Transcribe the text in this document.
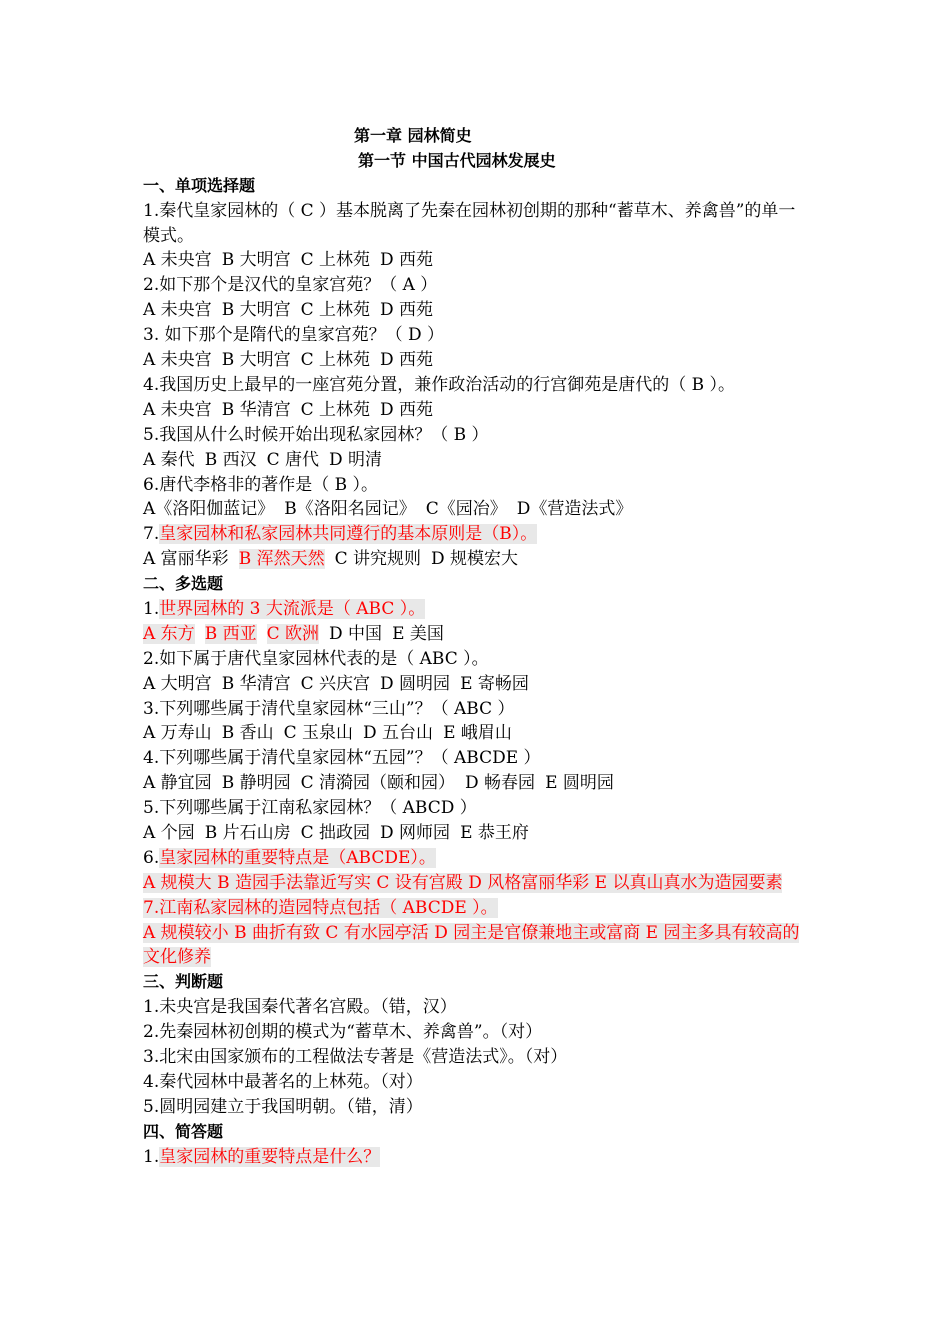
第一章 园林简史
第一节 中国古代园林发展史
一、单项选择题
1.秦代皇家园林的（ C ）基本脱离了先秦在园林初创期的那种“蓄草木、养禽兽”的单一模式。
A 未央宫 B 大明宫 C 上林苑 D 西苑
2.如下那个是汉代的皇家宫苑？（ A ）
A 未央宫 B 大明宫 C 上林苑 D 西苑
3. 如下那个是隋代的皇家宫苑？（ D ）
A 未央宫 B 大明宫 C 上林苑 D 西苑
4.我国历史上最早的一座宫苑分置，兼作政治活动的行宫御苑是唐代的（ B ）。
A 未央宫 B 华清宫 C 上林苑 D 西苑
5.我国从什么时候开始出现私家园林？（ B ）
A 秦代 B 西汉 C 唐代 D 明清
6.唐代李格非的著作是（ B ）。
A《洛阳伽蓝记》 B《洛阳名园记》 C《园冶》 D《营造法式》
7.皇家园林和私家园林共同遵行的基本原则是（B）。
A 富丽华彩 B 浑然天然 C 讲究规则 D 规模宏大
二、多选题
1.世界园林的 3 大流派是（ ABC ）。
A 东方 B 西亚 C 欧洲 D 中国 E 美国
2.如下属于唐代皇家园林代表的是（ ABC ）。
A 大明宫 B 华清宫 C 兴庆宫 D 圆明园 E 寄畅园
3.下列哪些属于清代皇家园林“三山”？（ ABC ）
A 万寿山 B 香山 C 玉泉山 D 五台山 E 峨眉山
4.下列哪些属于清代皇家园林“五园”？（ ABCDE ）
A 静宜园 B 静明园 C 清漪园（颐和园） D 畅春园 E 圆明园
5.下列哪些属于江南私家园林？（ ABCD ）
A 个园 B 片石山房 C 拙政园 D 网师园 E 恭王府
6.皇家园林的重要特点是（ABCDE）。
A 规模大 B 造园手法靠近写实 C 设有宫殿 D 风格富丽华彩 E 以真山真水为造园要素
7.江南私家园林的造园特点包括（ ABCDE ）。
A 规模较小 B 曲折有致 C 有水园亭活 D 园主是官僚兼地主或富商 E 园主多具有较高的文化修养
三、判断题
1.未央宫是我国秦代著名宫殿。（错，汉）
2.先秦园林初创期的模式为“蓄草木、养禽兽”。（对）
3.北宋由国家颁布的工程做法专著是《营造法式》。（对）
4.秦代园林中最著名的上林苑。（对）
5.圆明园建立于我国明朝。（错，清）
四、简答题
1.皇家园林的重要特点是什么？
